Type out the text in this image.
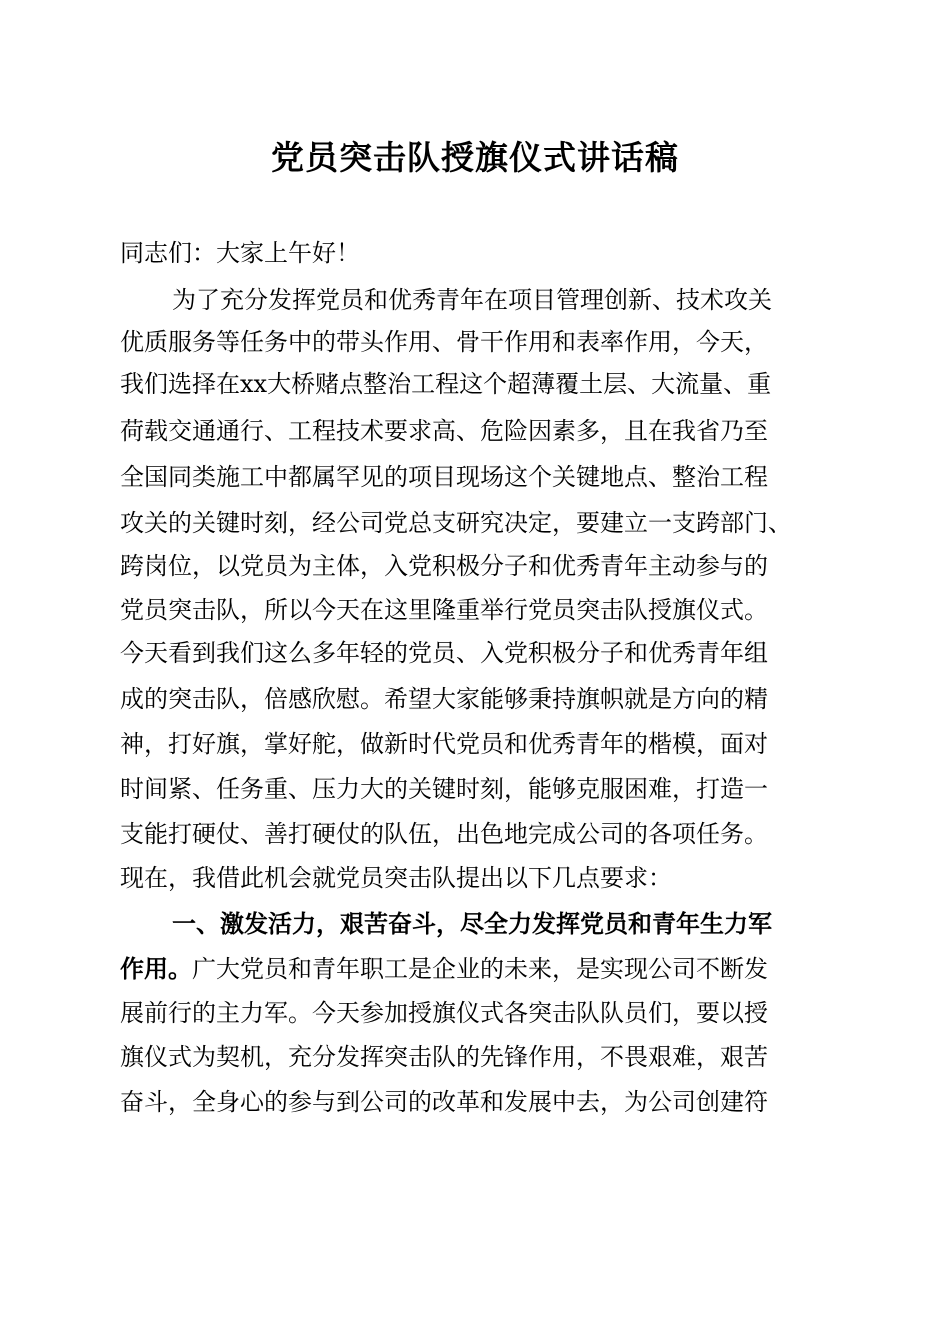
党员突击队授旗仪式讲话稿
同志们：大家上午好！
为了充分发挥党员和优秀青年在项目管理创新、技术攻关
优质服务等任务中的带头作用、骨干作用和表率作用，今天，
我们选择在xx大桥赌点整治工程这个超薄覆土层、大流量、重
荷载交通通行、工程技术要求高、危险因素多，且在我省乃至
全国同类施工中都属罕见的项目现场这个关键地点、整治工程
攻关的关键时刻，经公司党总支研究决定，要建立一支跨部门、
跨岗位，以党员为主体，入党积极分子和优秀青年主动参与的
党员突击队，所以今天在这里隆重举行党员突击队授旗仪式。
今天看到我们这么多年轻的党员、入党积极分子和优秀青年组
成的突击队，倍感欣慰。希望大家能够秉持旗帜就是方向的精
神，打好旗，掌好舵，做新时代党员和优秀青年的楷模，面对
时间紧、任务重、压力大的关键时刻，能够克服困难，打造一
支能打硬仗、善打硬仗的队伍，出色地完成公司的各项任务。
现在，我借此机会就党员突击队提出以下几点要求：
一、激发活力，艰苦奋斗，尽全力发挥党员和青年生力军
作用。广大党员和青年职工是企业的未来，是实现公司不断发
展前行的主力军。今天参加授旗仪式各突击队队员们，要以授
旗仪式为契机，充分发挥突击队的先锋作用，不畏艰难，艰苦
奋斗，全身心的参与到公司的改革和发展中去，为公司创建符
